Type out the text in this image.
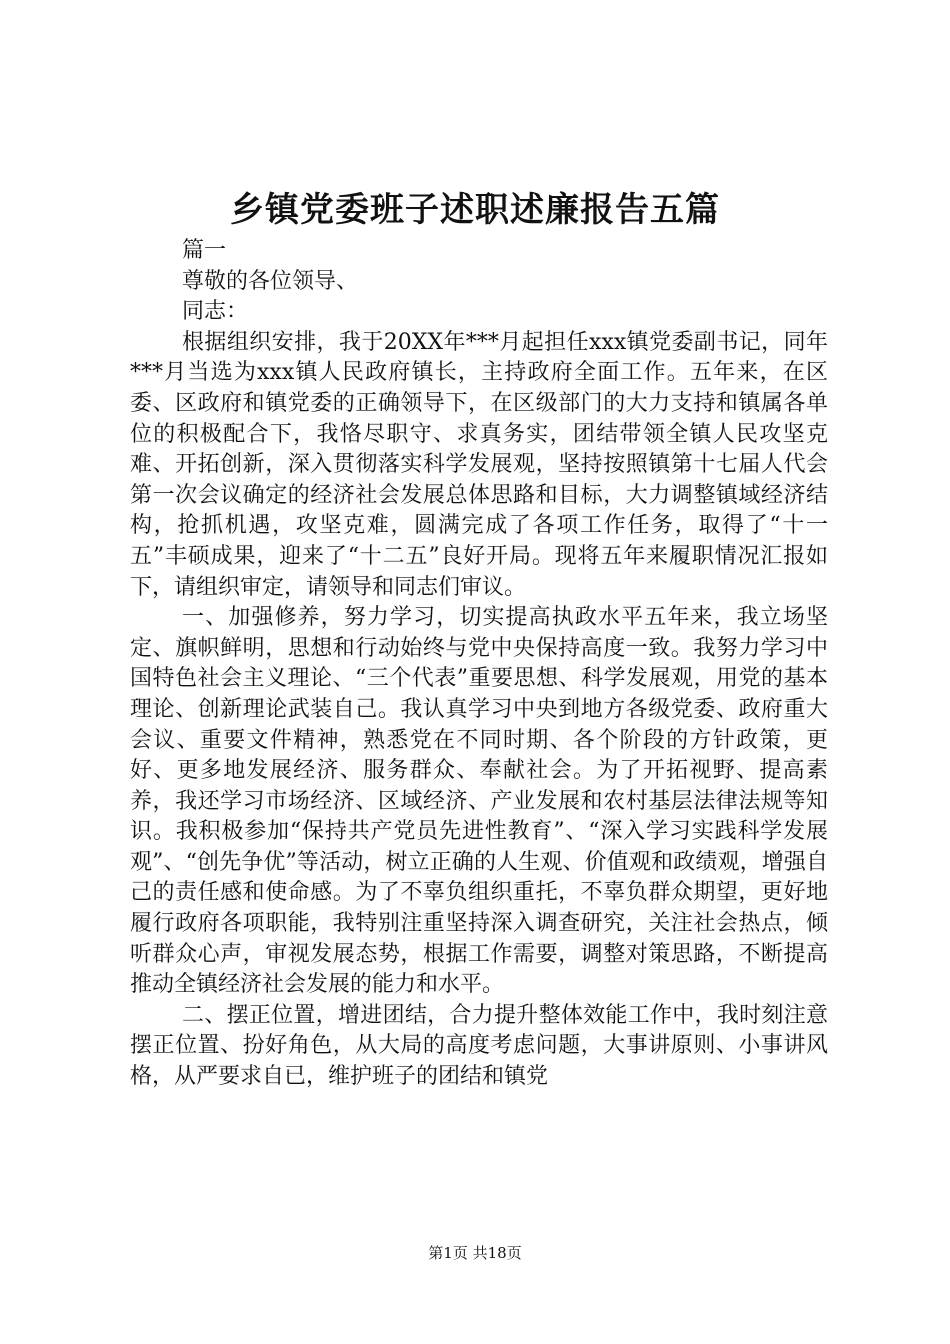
乡镇党委班子述职述廉报告五篇

篇一

尊敬的各位领导、

同志：

根据组织安排，我于20XX年***月起担任xxx镇党委副书记，同年***月当选为xxx镇人民政府镇长，主持政府全面工作。五年来，在区委、区政府和镇党委的正确领导下，在区级部门的大力支持和镇属各单位的积极配合下，我恪尽职守、求真务实，团结带领全镇人民攻坚克难、开拓创新，深入贯彻落实科学发展观，坚持按照镇第十七届人代会第一次会议确定的经济社会发展总体思路和目标，大力调整镇域经济结构，抢抓机遇，攻坚克难，圆满完成了各项工作任务，取得了“十一五”丰硕成果，迎来了“十二五”良好开局。现将五年来履职情况汇报如下，请组织审定，请领导和同志们审议。

一、加强修养，努力学习，切实提高执政水平五年来，我立场坚定、旗帜鲜明，思想和行动始终与党中央保持高度一致。我努力学习中国特色社会主义理论、“三个代表”重要思想、科学发展观，用党的基本理论、创新理论武装自己。我认真学习中央到地方各级党委、政府重大会议、重要文件精神，熟悉党在不同时期、各个阶段的方针政策，更好、更多地发展经济、服务群众、奉献社会。为了开拓视野、提高素养，我还学习市场经济、区域经济、产业发展和农村基层法律法规等知识。我积极参加“保持共产党员先进性教育”、“深入学习实践科学发展观”、“创先争优”等活动，树立正确的人生观、价值观和政绩观，增强自己的责任感和使命感。为了不辜负组织重托，不辜负群众期望，更好地履行政府各项职能，我特别注重坚持深入调查研究，关注社会热点，倾听群众心声，审视发展态势，根据工作需要，调整对策思路，不断提高推动全镇经济社会发展的能力和水平。

二、摆正位置，增进团结，合力提升整体效能工作中，我时刻注意摆正位置、扮好角色，从大局的高度考虑问题，大事讲原则、小事讲风格，从严要求自已，维护班子的团结和镇党

第1页 共18页
